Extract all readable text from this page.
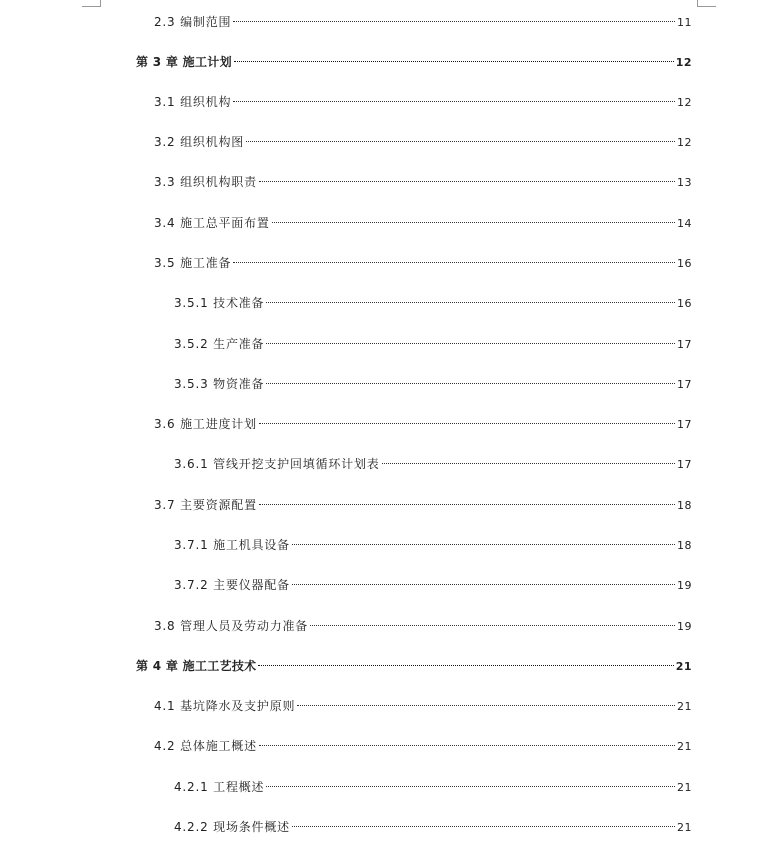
2.3 编制范围	11
第 3 章 施工计划	12
3.1 组织机构	12
3.2 组织机构图	12
3.3 组织机构职责	13
3.4 施工总平面布置	14
3.5 施工准备	16
3.5.1 技术准备	16
3.5.2 生产准备	17
3.5.3 物资准备	17
3.6 施工进度计划	17
3.6.1 管线开挖支护回填循环计划表	17
3.7 主要资源配置	18
3.7.1 施工机具设备	18
3.7.2 主要仪器配备	19
3.8 管理人员及劳动力准备	19
第 4 章 施工工艺技术	21
4.1 基坑降水及支护原则	21
4.2 总体施工概述	21
4.2.1 工程概述	21
4.2.2 现场条件概述	21
